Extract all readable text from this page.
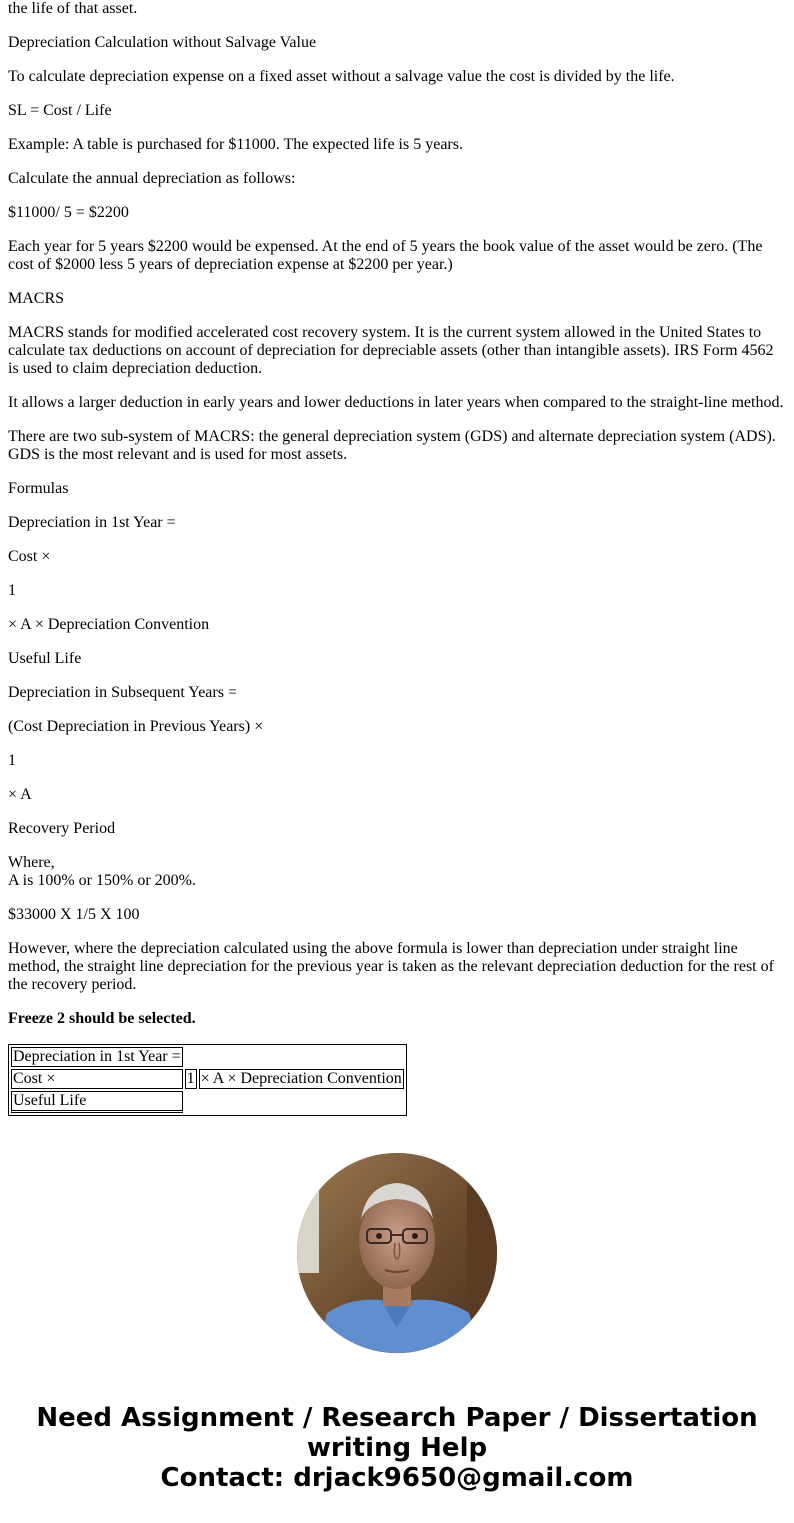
the life of that asset.

Depreciation Calculation without Salvage Value

To calculate depreciation expense on a fixed asset without a salvage value the cost is divided by the life.

SL = Cost / Life

Example: A table is purchased for $11000. The expected life is 5 years.

Calculate the annual depreciation as follows:

$11000/ 5 = $2200

Each year for 5 years $2200 would be expensed. At the end of 5 years the book value of the asset would be zero. (The cost of $2000 less 5 years of depreciation expense at $2200 per year.)

MACRS

MACRS stands for modified accelerated cost recovery system. It is the current system allowed in the United States to calculate tax deductions on account of depreciation for depreciable assets (other than intangible assets). IRS Form 4562 is used to claim depreciation deduction.

It allows a larger deduction in early years and lower deductions in later years when compared to the straight-line method.

There are two sub-system of MACRS: the general depreciation system (GDS) and alternate depreciation system (ADS). GDS is the most relevant and is used for most assets.

Formulas

Depreciation in 1st Year =

Cost ×

1

× A × Depreciation Convention

Useful Life

Depreciation in Subsequent Years =

(Cost Depreciation in Previous Years) ×

1

× A

Recovery Period

Where,
A is 100% or 150% or 200%.

$33000 X 1/5 X 100

However, where the depreciation calculated using the above formula is lower than depreciation under straight line method, the straight line depreciation for the previous year is taken as the relevant depreciation deduction for the rest of the recovery period.

Freeze 2 should be selected.

Depreciation in 1st Year =		
Cost ×	1	× A × Depreciation Convention
Useful Life		
Need Assignment / Research Paper / Dissertation
writing Help
Contact: drjack9650@gmail.com
